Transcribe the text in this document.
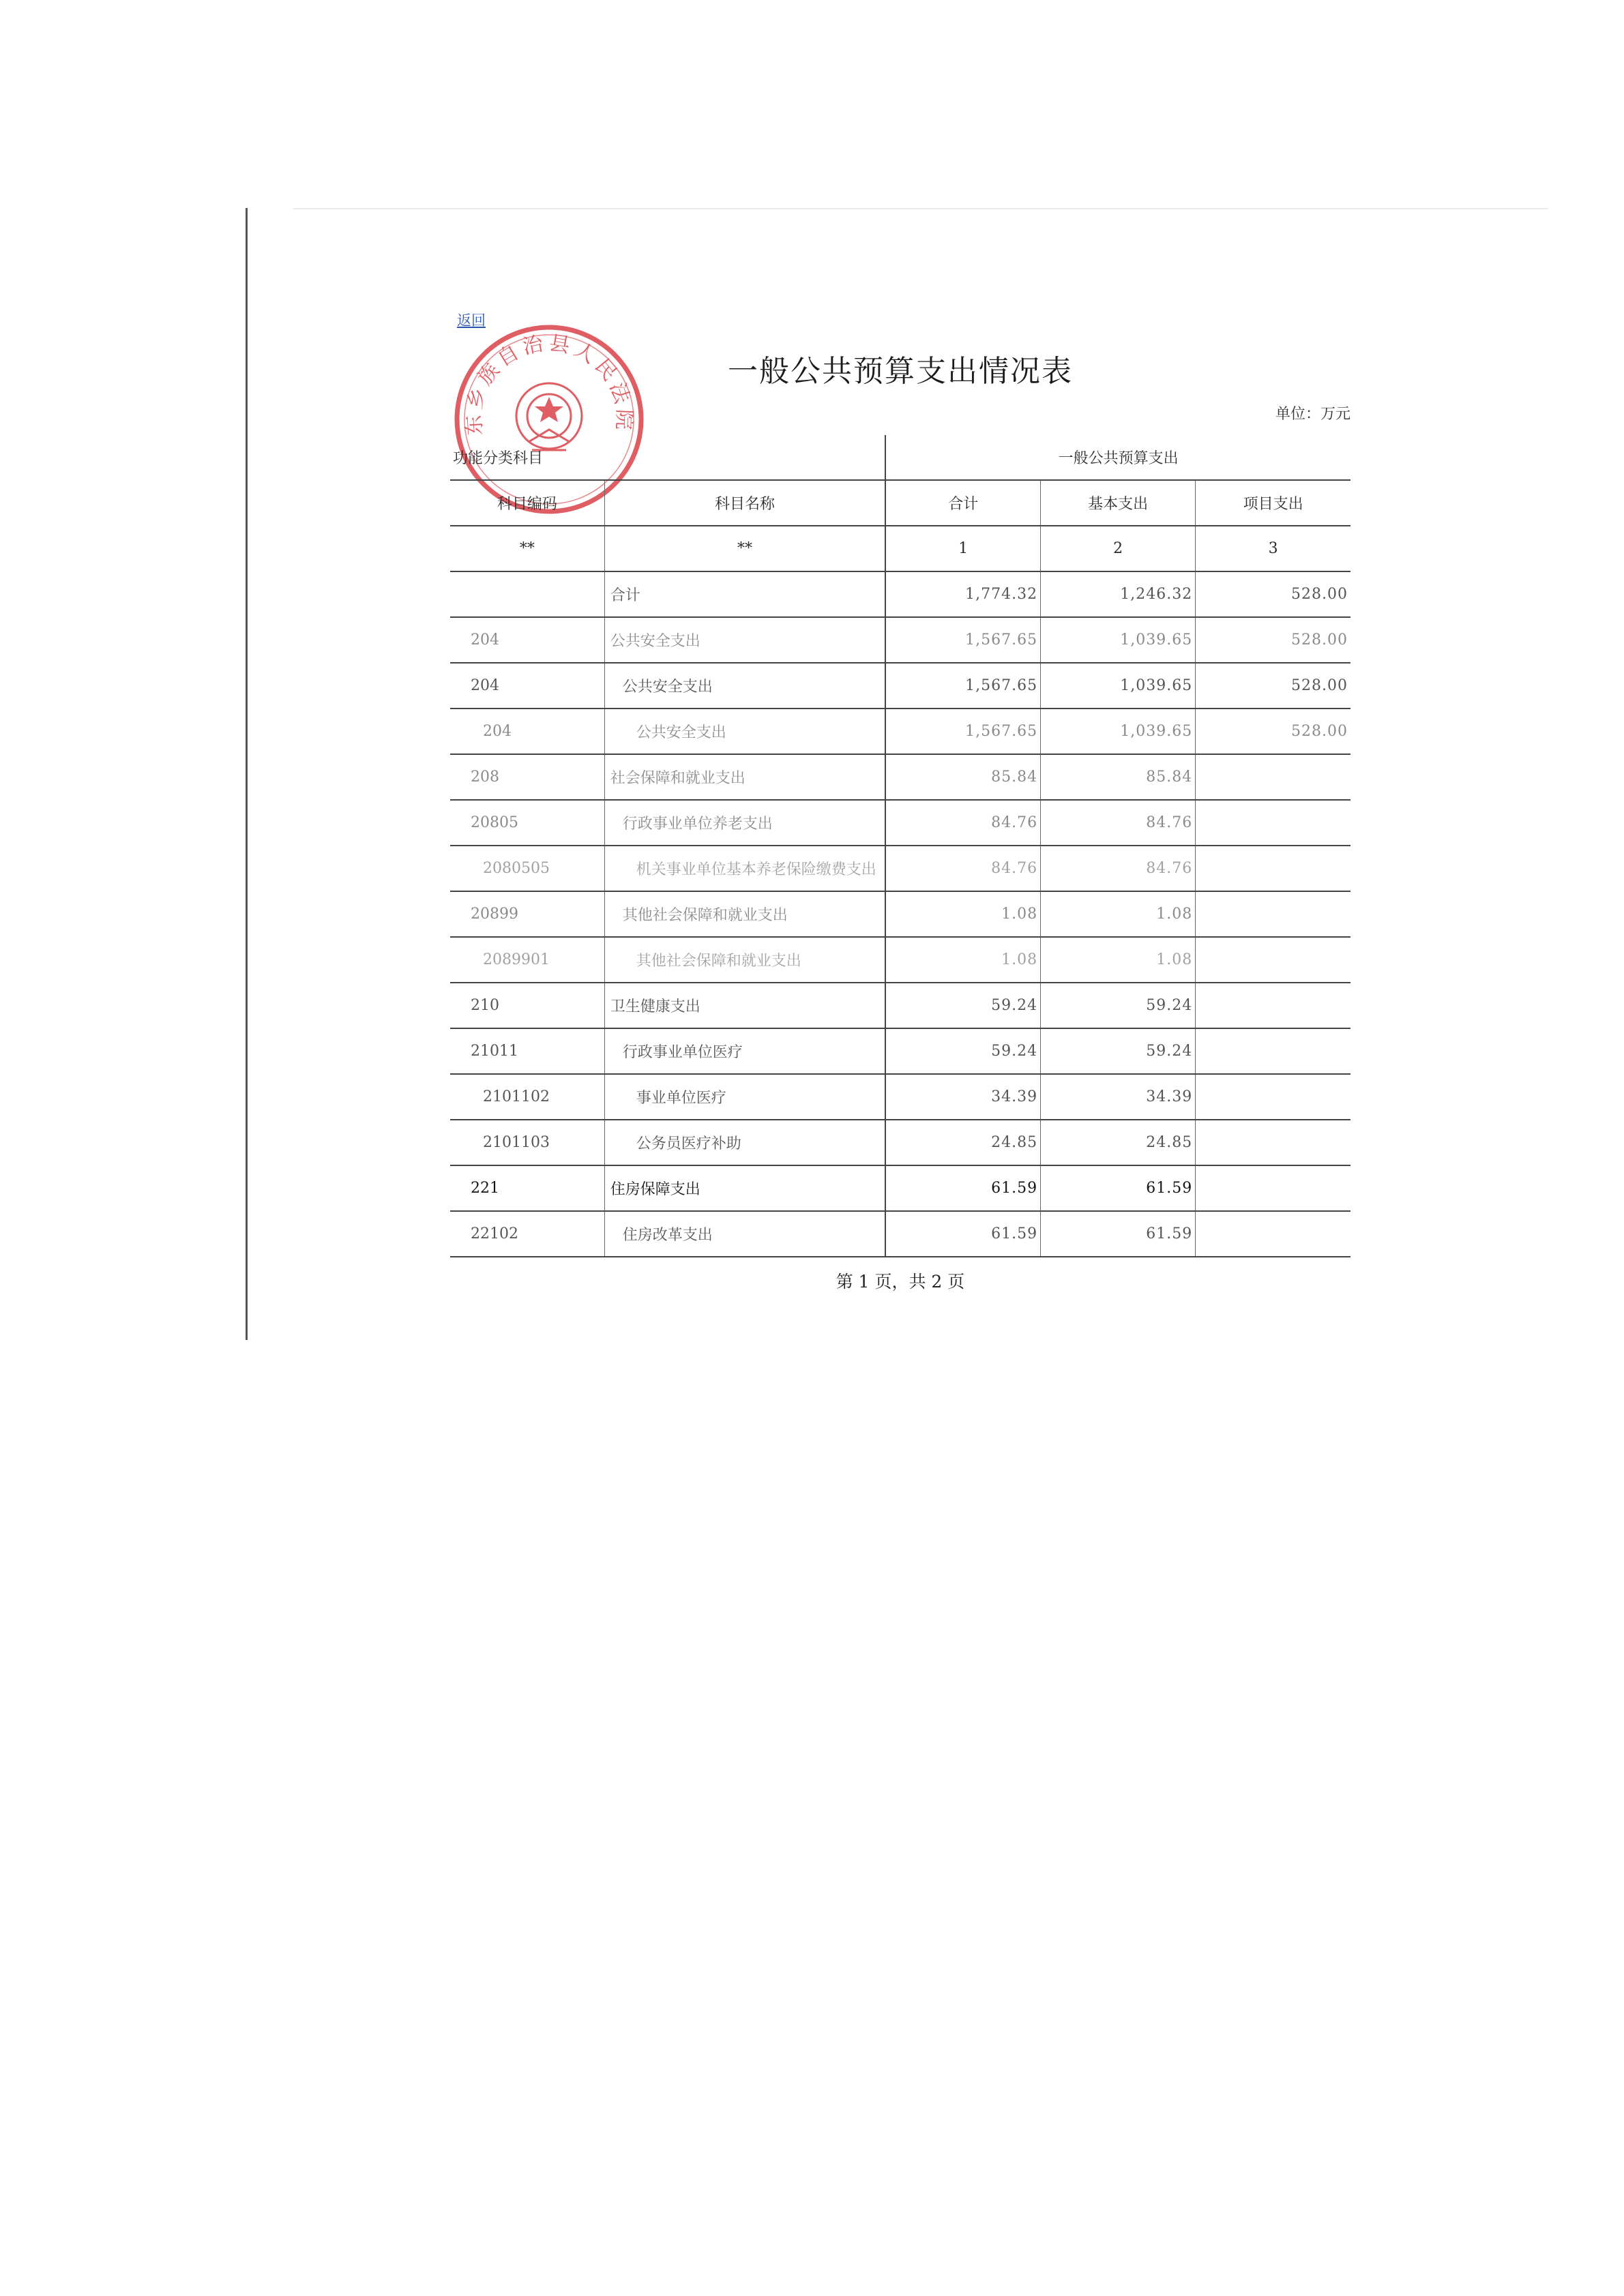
返回
东乡族自治县人民法院
一般公共预算支出情况表
单位：万元
功能分类科目		一般公共预算支出		
科目编码	科目名称	合计	基本支出	项目支出
**	**	1	2	3
	合计	1,774.32	1,246.32	528.00
204	公共安全支出	1,567.65	1,039.65	528.00
204	公共安全支出	1,567.65	1,039.65	528.00
204	公共安全支出	1,567.65	1,039.65	528.00
208	社会保障和就业支出	85.84	85.84	
20805	行政事业单位养老支出	84.76	84.76	
2080505	机关事业单位基本养老保险缴费支出	84.76	84.76	
20899	其他社会保障和就业支出	1.08	1.08	
2089901	其他社会保障和就业支出	1.08	1.08	
210	卫生健康支出	59.24	59.24	
21011	行政事业单位医疗	59.24	59.24	
2101102	事业单位医疗	34.39	34.39	
2101103	公务员医疗补助	24.85	24.85	
221	住房保障支出	61.59	61.59	
22102	住房改革支出	61.59	61.59	
第 1 页，共 2 页
